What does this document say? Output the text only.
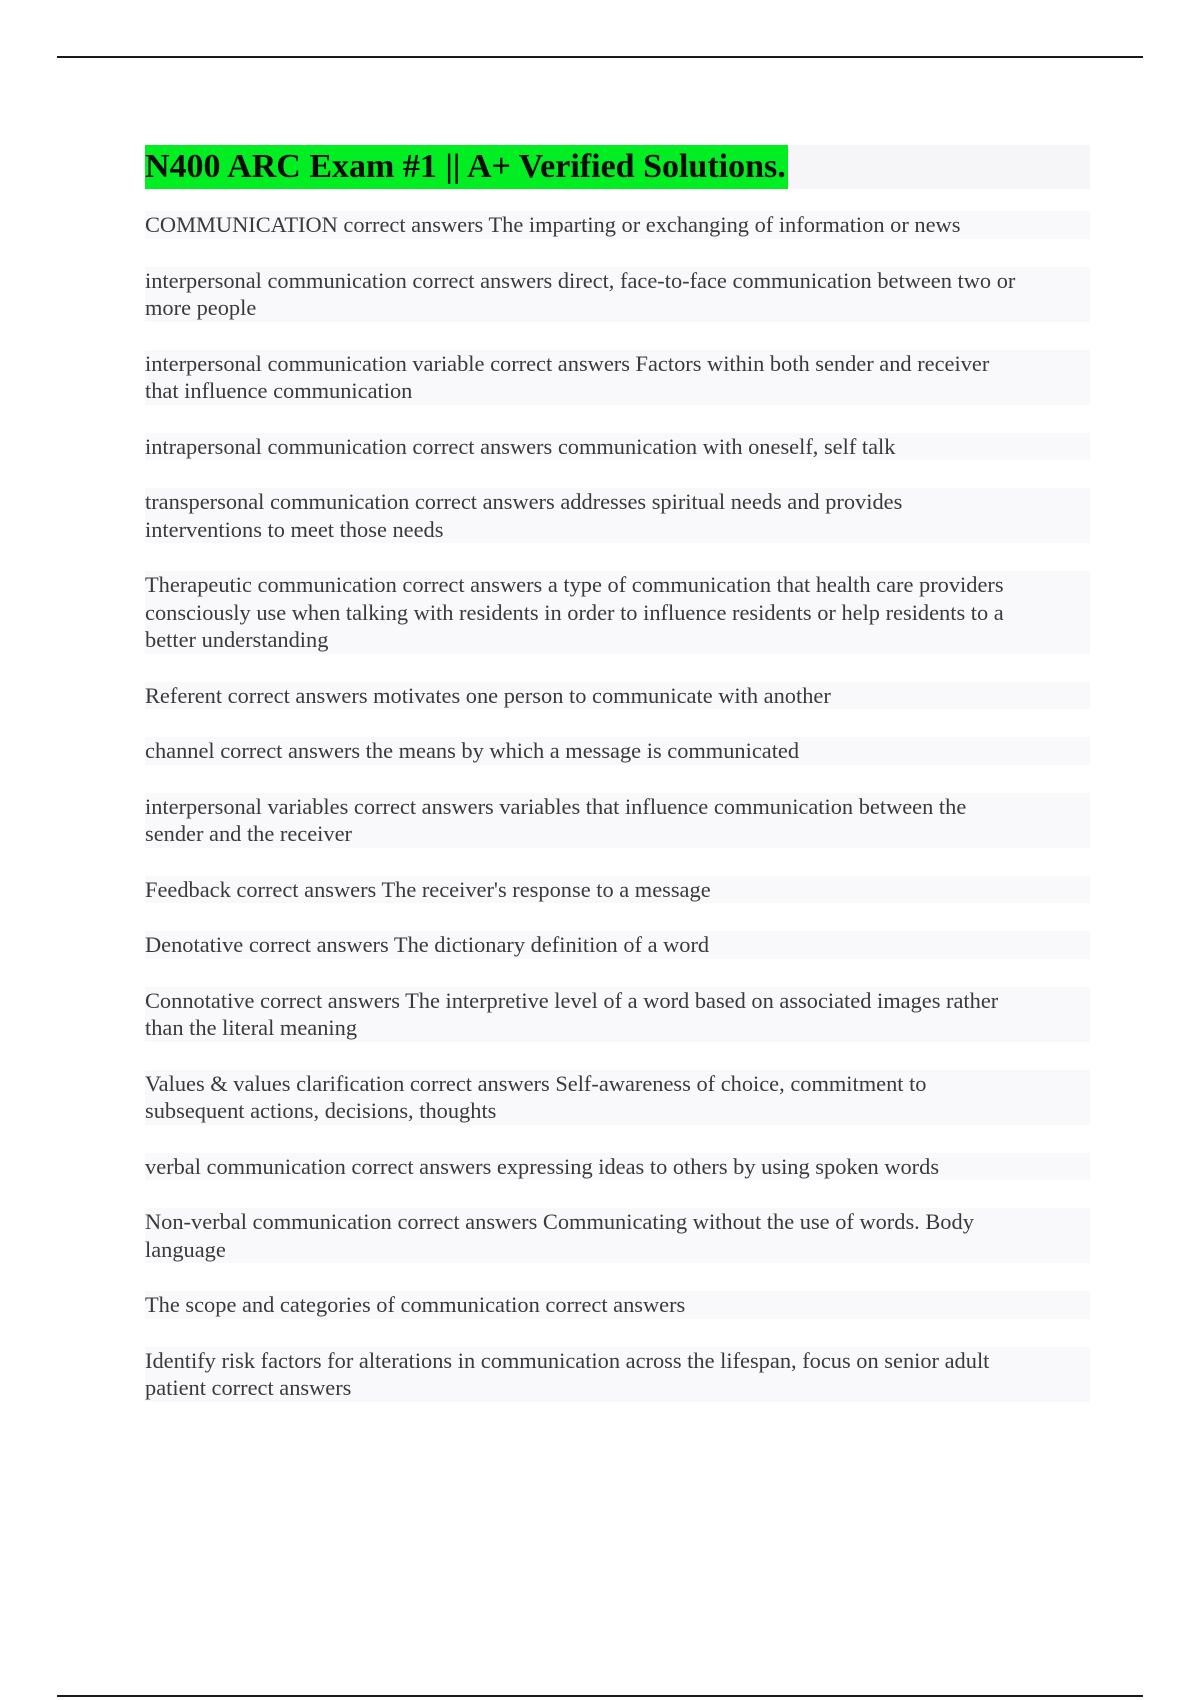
N400 ARC Exam #1 || A+ Verified Solutions.

COMMUNICATION correct answers The imparting or exchanging of information or news

interpersonal communication correct answers direct, face-to-face communication between two or
more people

interpersonal communication variable correct answers Factors within both sender and receiver
that influence communication

intrapersonal communication correct answers communication with oneself, self talk

transpersonal communication correct answers addresses spiritual needs and provides
interventions to meet those needs

Therapeutic communication correct answers a type of communication that health care providers
consciously use when talking with residents in order to influence residents or help residents to a
better understanding

Referent correct answers motivates one person to communicate with another

channel correct answers the means by which a message is communicated

interpersonal variables correct answers variables that influence communication between the
sender and the receiver

Feedback correct answers The receiver's response to a message

Denotative correct answers The dictionary definition of a word

Connotative correct answers The interpretive level of a word based on associated images rather
than the literal meaning

Values & values clarification correct answers Self-awareness of choice, commitment to
subsequent actions, decisions, thoughts

verbal communication correct answers expressing ideas to others by using spoken words

Non-verbal communication correct answers Communicating without the use of words. Body
language

The scope and categories of communication correct answers

Identify risk factors for alterations in communication across the lifespan, focus on senior adult
patient correct answers
